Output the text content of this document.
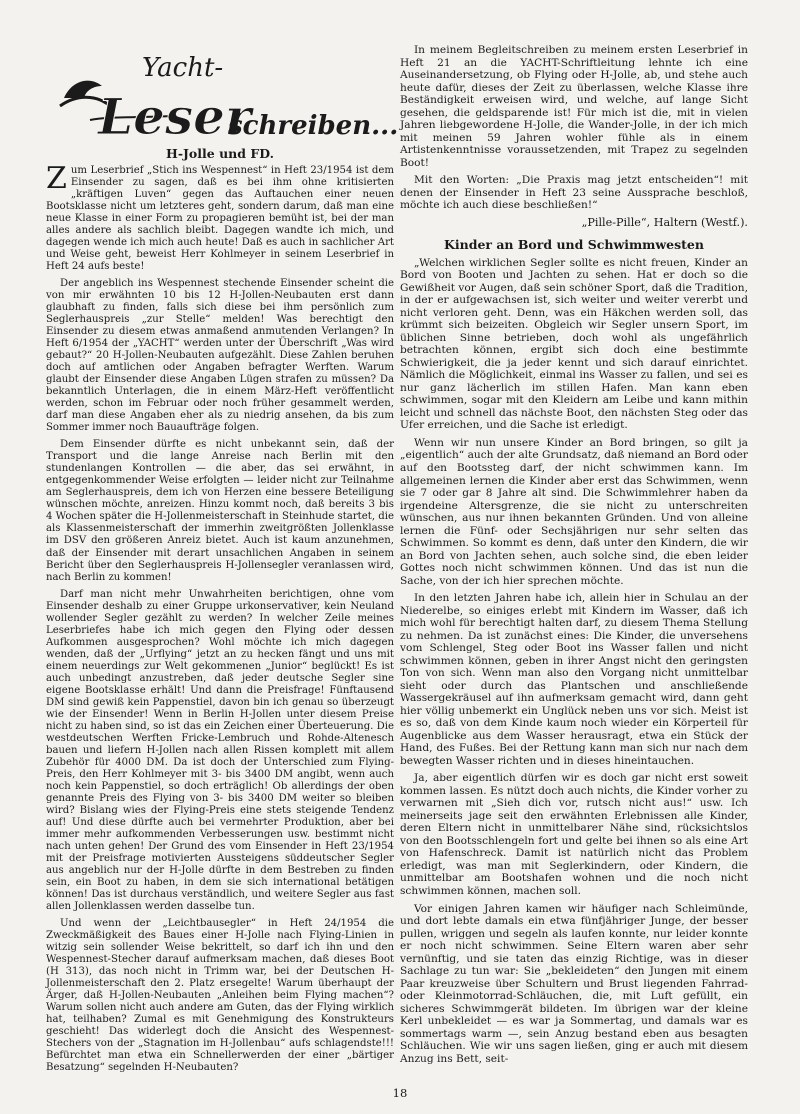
Yacht-
Leser
schreiben...
H-Jolle und FD.

Zum Leserbrief „Stich ins Wespennest“ in Heft 23/1954 ist dem Einsender zu sagen, daß es bei ihm ohne kritisierten „kräftigen Luven“ gegen das Auftauchen einer neuen Bootsklasse nicht um letzteres geht, sondern darum, daß man eine neue Klasse in einer Form zu propagieren bemüht ist, bei der man alles andere als sachlich bleibt. Dagegen wandte ich mich, und dagegen wende ich mich auch heute! Daß es auch in sachlicher Art und Weise geht, beweist Herr Kohlmeyer in seinem Leserbrief in Heft 24 aufs beste!

Der angeblich ins Wespennest stechende Einsender scheint die von mir erwähnten 10 bis 12 H-Jollen-Neubauten erst dann glaubhaft zu finden, falls sich diese bei ihm persönlich zum Seglerhauspreis „zur Stelle“ melden! Was berechtigt den Einsender zu diesem etwas anmaßend anmutenden Verlangen? In Heft 6/1954 der „YACHT“ werden unter der Überschrift „Was wird gebaut?“ 20 H-Jollen-Neubauten aufgezählt. Diese Zahlen beruhen doch auf amtlichen oder Angaben befragter Werften. Warum glaubt der Einsender diese Angaben Lügen strafen zu müssen? Da bekanntlich Unterlagen, die in einem März-Heft veröffentlicht werden, schon im Februar oder noch früher gesammelt werden, darf man diese Angaben eher als zu niedrig ansehen, da bis zum Sommer immer noch Bauaufträge folgen.

Dem Einsender dürfte es nicht unbekannt sein, daß der Transport und die lange Anreise nach Berlin mit den stundenlangen Kontrollen — die aber, das sei erwähnt, in entgegenkommender Weise erfolgten — leider nicht zur Teilnahme am Seglerhauspreis, dem ich von Herzen eine bessere Beteiligung wünschen möchte, anreizen. Hinzu kommt noch, daß bereits 3 bis 4 Wochen später die H-Jollenmeisterschaft in Steinhude startet, die als Klassenmeisterschaft der immerhin zweitgrößten Jollenklasse im DSV den größeren Anreiz bietet. Auch ist kaum anzunehmen, daß der Einsender mit derart unsachlichen Angaben in seinem Bericht über den Seglerhauspreis H-Jollensegler veranlassen wird, nach Berlin zu kommen!

Darf man nicht mehr Unwahrheiten berichtigen, ohne vom Einsender deshalb zu einer Gruppe urkonservativer, kein Neuland wollender Segler gezählt zu werden? In welcher Zeile meines Leserbriefes habe ich mich gegen den Flying oder dessen Aufkommen ausgesprochen? Wohl möchte ich mich dagegen wenden, daß der „Urflying“ jetzt an zu hecken fängt und uns mit einem neuerdings zur Welt gekommenen „Junior“ beglückt! Es ist auch unbedingt anzustreben, daß jeder deutsche Segler sine eigene Bootsklasse erhält! Und dann die Preisfrage! Fünftausend DM sind gewiß kein Pappenstiel, davon bin ich genau so überzeugt wie der Einsender! Wenn in Berlin H-Jollen unter diesem Preise nicht zu haben sind, so ist das ein Zeichen einer Überteuerung. Die westdeutschen Werften Fricke-Lembruch und Rohde-Altenesch bauen und liefern H-Jollen nach allen Rissen komplett mit allem Zubehör für 4000 DM. Da ist doch der Unterschied zum Flying-Preis, den Herr Kohlmeyer mit 3- bis 3400 DM angibt, wenn auch noch kein Pappenstiel, so doch erträglich! Ob allerdings der oben genannte Preis des Flying von 3- bis 3400 DM weiter so bleiben wird? Bislang wies der Flying-Preis eine stets steigende Tendenz auf! Und diese dürfte auch bei vermehrter Produktion, aber bei immer mehr aufkommenden Verbesserungen usw. bestimmt nicht nach unten gehen! Der Grund des vom Einsender in Heft 23/1954 mit der Preisfrage motivierten Aussteigens süddeutscher Segler aus angeblich nur der H-Jolle dürfte in dem Bestreben zu finden sein, ein Boot zu haben, in dem sie sich international betätigen können! Das ist durchaus verständlich, und weitere Segler aus fast allen Jollenklassen werden dasselbe tun.

Und wenn der „Leichtbausegler“ in Heft 24/1954 die Zweckmäßigkeit des Baues einer H-Jolle nach Flying-Linien in witzig sein sollender Weise bekrittelt, so darf ich ihn und den Wespennest-Stecher darauf aufmerksam machen, daß dieses Boot (H 313), das noch nicht in Trimm war, bei der Deutschen H-Jollenmeisterschaft den 2. Platz ersegelte! Warum überhaupt der Ärger, daß H-Jollen-Neubauten „Anleihen beim Flying machen“? Warum sollen nicht auch andere am Guten, das der Flying wirklich hat, teilhaben? Zumal es mit Genehmigung des Konstrukteurs geschieht! Das widerlegt doch die Ansicht des Wespennest-Stechers von der „Stagnation im H-Jollenbau“ aufs schlagendste!!! Befürchtet man etwa ein Schnellerwerden der einer „bärtiger Besatzung“ segelnden H-Neubauten?

In meinem Begleitschreiben zu meinem ersten Leserbrief in Heft 21 an die YACHT-Schriftleitung lehnte ich eine Auseinandersetzung, ob Flying oder H-Jolle, ab, und stehe auch heute dafür, dieses der Zeit zu überlassen, welche Klasse ihre Beständigkeit erweisen wird, und welche, auf lange Sicht gesehen, die geldsparende ist! Für mich ist die, mit in vielen Jahren liebgewordene H-Jolle, die Wander-Jolle, in der ich mich mit meinen 59 Jahren wohler fühle als in einem Artistenkenntnisse voraussetzenden, mit Trapez zu segelnden Boot!

Mit den Worten: „Die Praxis mag jetzt entscheiden“! mit denen der Einsender in Heft 23 seine Aussprache beschloß, möchte ich auch diese beschließen!“

„Pille-Pille“, Haltern (Westf.).
Kinder an Bord und Schwimmwesten

„Welchen wirklichen Segler sollte es nicht freuen, Kinder an Bord von Booten und Jachten zu sehen. Hat er doch so die Gewißheit vor Augen, daß sein schöner Sport, daß die Tradition, in der er aufgewachsen ist, sich weiter und weiter vererbt und nicht verloren geht. Denn, was ein Häkchen werden soll, das krümmt sich beizeiten. Obgleich wir Segler unsern Sport, im üblichen Sinne betrieben, doch wohl als ungefährlich betrachten können, ergibt sich doch eine bestimmte Schwierigkeit, die ja jeder kennt und sich darauf einrichtet. Nämlich die Möglichkeit, einmal ins Wasser zu fallen, und sei es nur ganz lächerlich im stillen Hafen. Man kann eben schwimmen, sogar mit den Kleidern am Leibe und kann mithin leicht und schnell das nächste Boot, den nächsten Steg oder das Ufer erreichen, und die Sache ist erledigt.

Wenn wir nun unsere Kinder an Bord bringen, so gilt ja „eigentlich“ auch der alte Grundsatz, daß niemand an Bord oder auf den Bootssteg darf, der nicht schwimmen kann. Im allgemeinen lernen die Kinder aber erst das Schwimmen, wenn sie 7 oder gar 8 Jahre alt sind. Die Schwimmlehrer haben da irgendeine Altersgrenze, die sie nicht zu unterschreiten wünschen, aus nur ihnen bekannten Gründen. Und von alleine lernen die Fünf- oder Sechsjährigen nur sehr selten das Schwimmen. So kommt es denn, daß unter den Kindern, die wir an Bord von Jachten sehen, auch solche sind, die eben leider Gottes noch nicht schwimmen können. Und das ist nun die Sache, von der ich hier sprechen möchte.

In den letzten Jahren habe ich, allein hier in Schulau an der Niederelbe, so einiges erlebt mit Kindern im Wasser, daß ich mich wohl für berechtigt halten darf, zu diesem Thema Stellung zu nehmen. Da ist zunächst eines: Die Kinder, die unversehens vom Schlengel, Steg oder Boot ins Wasser fallen und nicht schwimmen können, geben in ihrer Angst nicht den geringsten Ton von sich. Wenn man also den Vorgang nicht unmittelbar sieht oder durch das Plantschen und anschließende Wassergekräusel auf ihn aufmerksam gemacht wird, dann geht hier völlig unbemerkt ein Unglück neben uns vor sich. Meist ist es so, daß von dem Kinde kaum noch wieder ein Körperteil für Augenblicke aus dem Wasser herausragt, etwa ein Stück der Hand, des Fußes. Bei der Rettung kann man sich nur nach dem bewegten Wasser richten und in dieses hineintauchen.

Ja, aber eigentlich dürfen wir es doch gar nicht erst soweit kommen lassen. Es nützt doch auch nichts, die Kinder vorher zu verwarnen mit „Sieh dich vor, rutsch nicht aus!“ usw. Ich meinerseits jage seit den erwähnten Erlebnissen alle Kinder, deren Eltern nicht in unmittelbarer Nähe sind, rücksichtslos von den Bootsschlengeln fort und gelte bei ihnen so als eine Art von Hafenschreck. Damit ist natürlich nicht das Problem erledigt, was man mit Seglerkindern, oder Kindern, die unmittelbar am Bootshafen wohnen und die noch nicht schwimmen können, machen soll.

Vor einigen Jahren kamen wir häufiger nach Schleimünde, und dort lebte damals ein etwa fünfjähriger Junge, der besser pullen, wriggen und segeln als laufen konnte, nur leider konnte er noch nicht schwimmen. Seine Eltern waren aber sehr vernünftig, und sie taten das einzig Richtige, was in dieser Sachlage zu tun war: Sie „bekleideten“ den Jungen mit einem Paar kreuzweise über Schultern und Brust liegenden Fahrrad- oder Kleinmotorrad-Schläuchen, die, mit Luft gefüllt, ein sicheres Schwimmgerät bildeten. Im übrigen war der kleine Kerl unbekleidet — es war ja Sommertag, und damals war es sommertags warm —, sein Anzug bestand eben aus besagten Schläuchen. Wie wir uns sagen ließen, ging er auch mit diesem Anzug ins Bett, seit-

18
